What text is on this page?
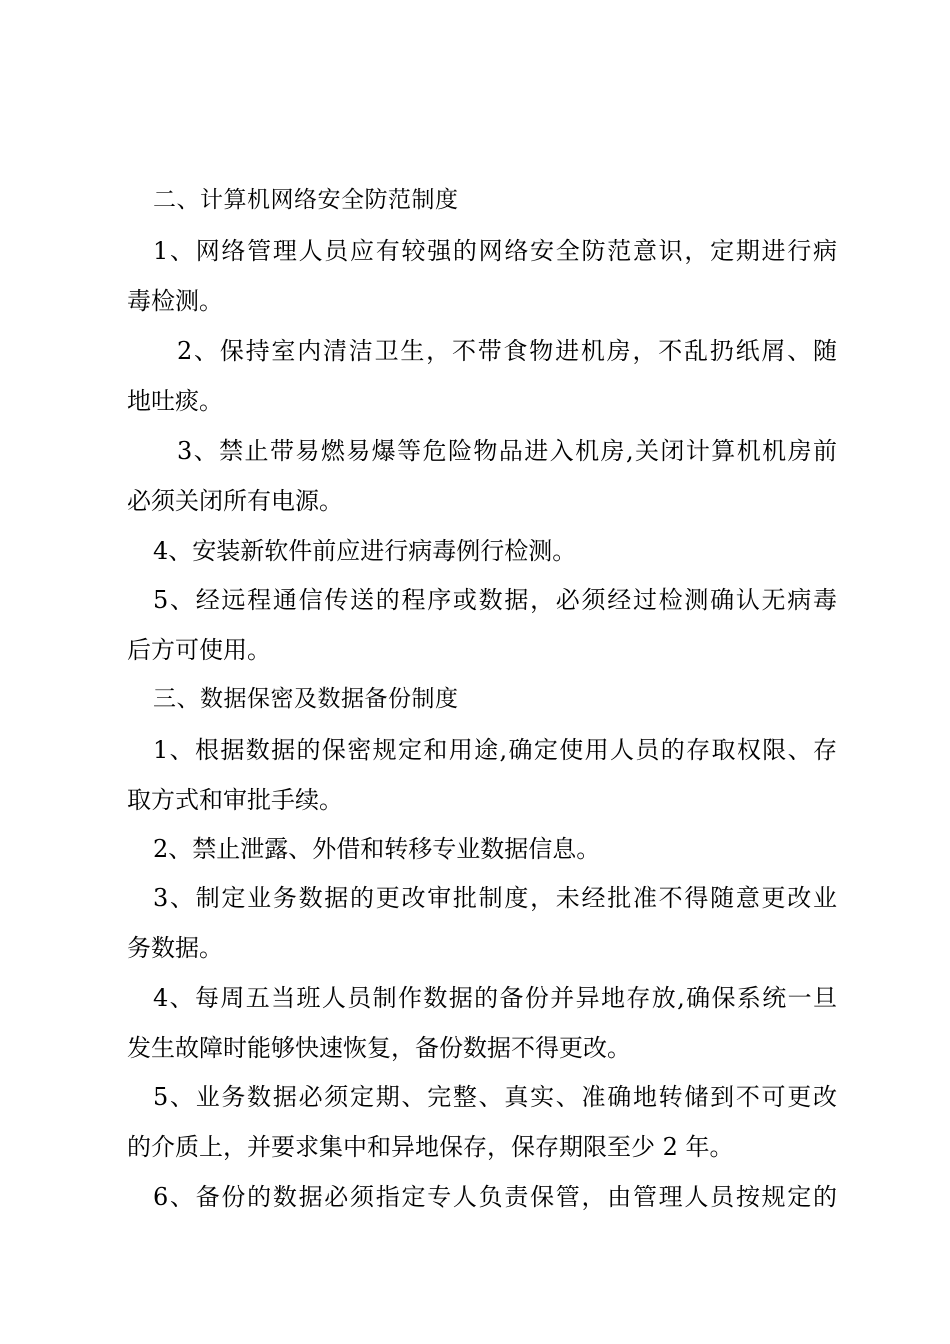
二、计算机网络安全防范制度
1、网络管理人员应有较强的网络安全防范意识，定期进行病
毒检测。
2、保持室内清洁卫生，不带食物进机房，不乱扔纸屑、随
地吐痰。
3、禁止带易燃易爆等危险物品进入机房,关闭计算机机房前
必须关闭所有电源。
4、安装新软件前应进行病毒例行检测。
5、经远程通信传送的程序或数据，必须经过检测确认无病毒
后方可使用。
三、数据保密及数据备份制度
1、根据数据的保密规定和用途,确定使用人员的存取权限、存
取方式和审批手续。
2、禁止泄露、外借和转移专业数据信息。
3、制定业务数据的更改审批制度，未经批准不得随意更改业
务数据。
4、每周五当班人员制作数据的备份并异地存放,确保系统一旦
发生故障时能够快速恢复，备份数据不得更改。
5、业务数据必须定期、完整、真实、准确地转储到不可更改
的介质上，并要求集中和异地保存，保存期限至少 2 年。
6、备份的数据必须指定专人负责保管，由管理人员按规定的
